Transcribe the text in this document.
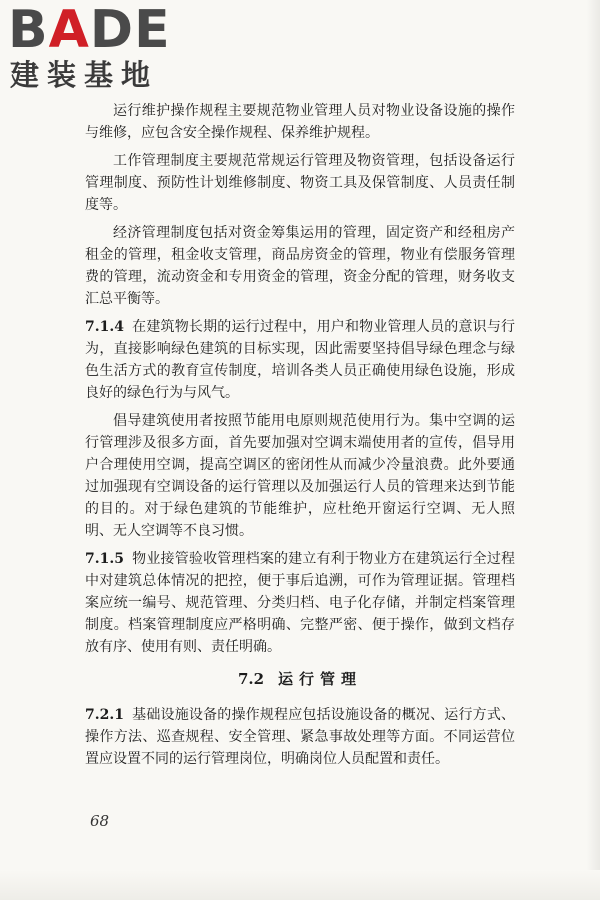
BADE
建装基地

运行维护操作规程主要规范物业管理人员对物业设备设施的操作与维修，应包含安全操作规程、保养维护规程。

工作管理制度主要规范常规运行管理及物资管理，包括设备运行管理制度、预防性计划维修制度、物资工具及保管制度、人员责任制度等。

经济管理制度包括对资金筹集运用的管理，固定资产和经租房产租金的管理，租金收支管理，商品房资金的管理，物业有偿服务管理费的管理，流动资金和专用资金的管理，资金分配的管理，财务收支汇总平衡等。

7.1.4 在建筑物长期的运行过程中，用户和物业管理人员的意识与行为，直接影响绿色建筑的目标实现，因此需要坚持倡导绿色理念与绿色生活方式的教育宣传制度，培训各类人员正确使用绿色设施，形成良好的绿色行为与风气。

倡导建筑使用者按照节能用电原则规范使用行为。集中空调的运行管理涉及很多方面，首先要加强对空调末端使用者的宣传，倡导用户合理使用空调，提高空调区的密闭性从而减少冷量浪费。此外要通过加强现有空调设备的运行管理以及加强运行人员的管理来达到节能的目的。对于绿色建筑的节能维护，应杜绝开窗运行空调、无人照明、无人空调等不良习惯。

7.1.5 物业接管验收管理档案的建立有利于物业方在建筑运行全过程中对建筑总体情况的把控，便于事后追溯，可作为管理证据。管理档案应统一编号、规范管理、分类归档、电子化存储，并制定档案管理制度。档案管理制度应严格明确、完整严密、便于操作，做到文档存放有序、使用有则、责任明确。

7.2 运行管理

7.2.1 基础设施设备的操作规程应包括设施设备的概况、运行方式、操作方法、巡查规程、安全管理、紧急事故处理等方面。不同运营位置应设置不同的运行管理岗位，明确岗位人员配置和责任。

68
